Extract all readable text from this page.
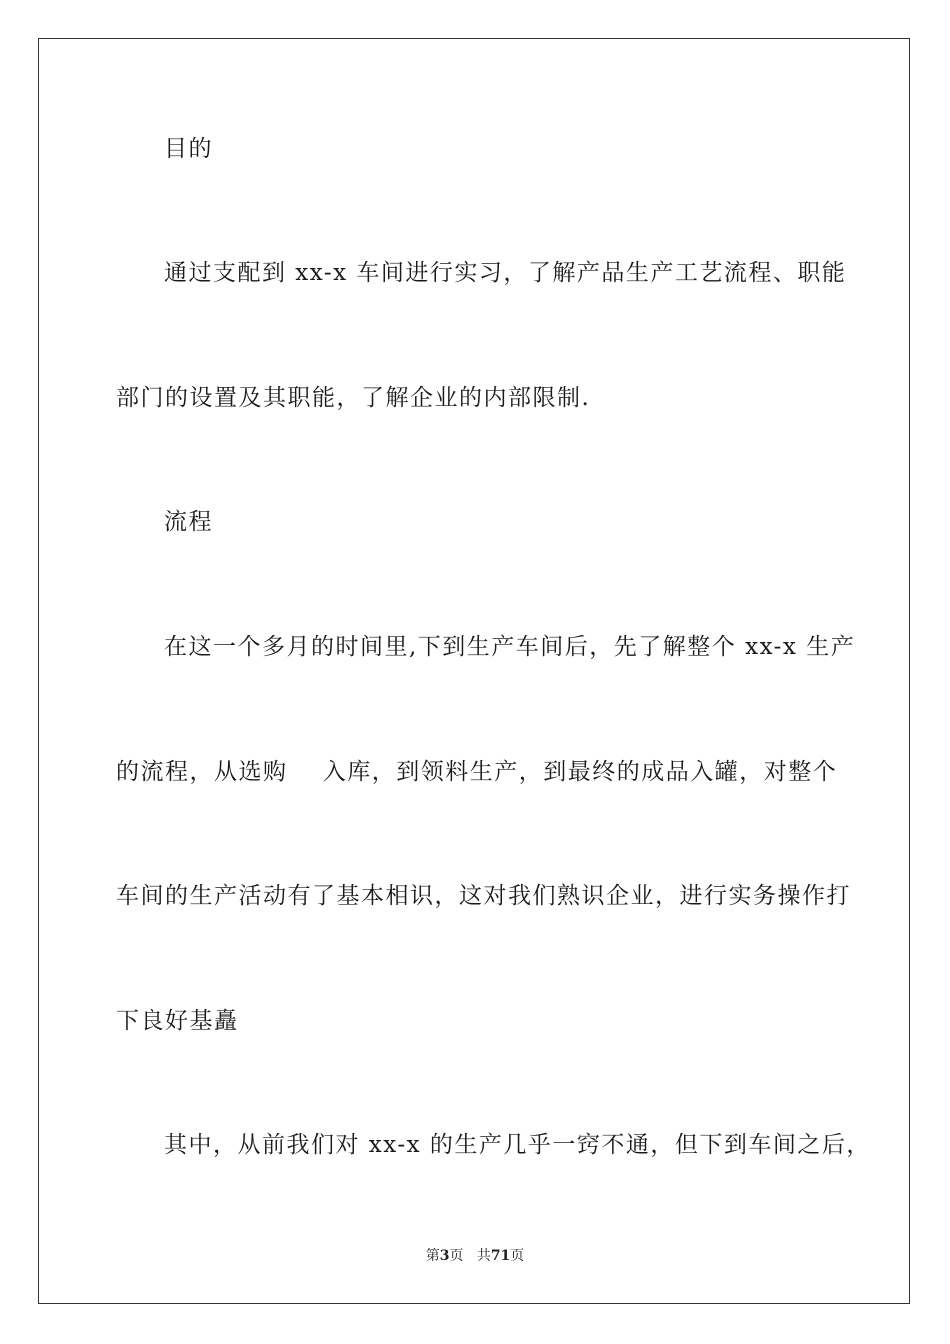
目的
通过支配到 xx-x 车间进行实习，了解产品生产工艺流程、职能
部门的设置及其职能，了解企业的内部限制.
流程
在这一个多月的时间里,下到生产车间后，先了解整个 xx-x 生产
的流程，从选购    入库，到领料生产，到最终的成品入罐，对整个
车间的生产活动有了基本相识，这对我们熟识企业，进行实务操作打
下良好基矗
其中，从前我们对 xx-x 的生产几乎一窍不通，但下到车间之后，
第3页 共71页
